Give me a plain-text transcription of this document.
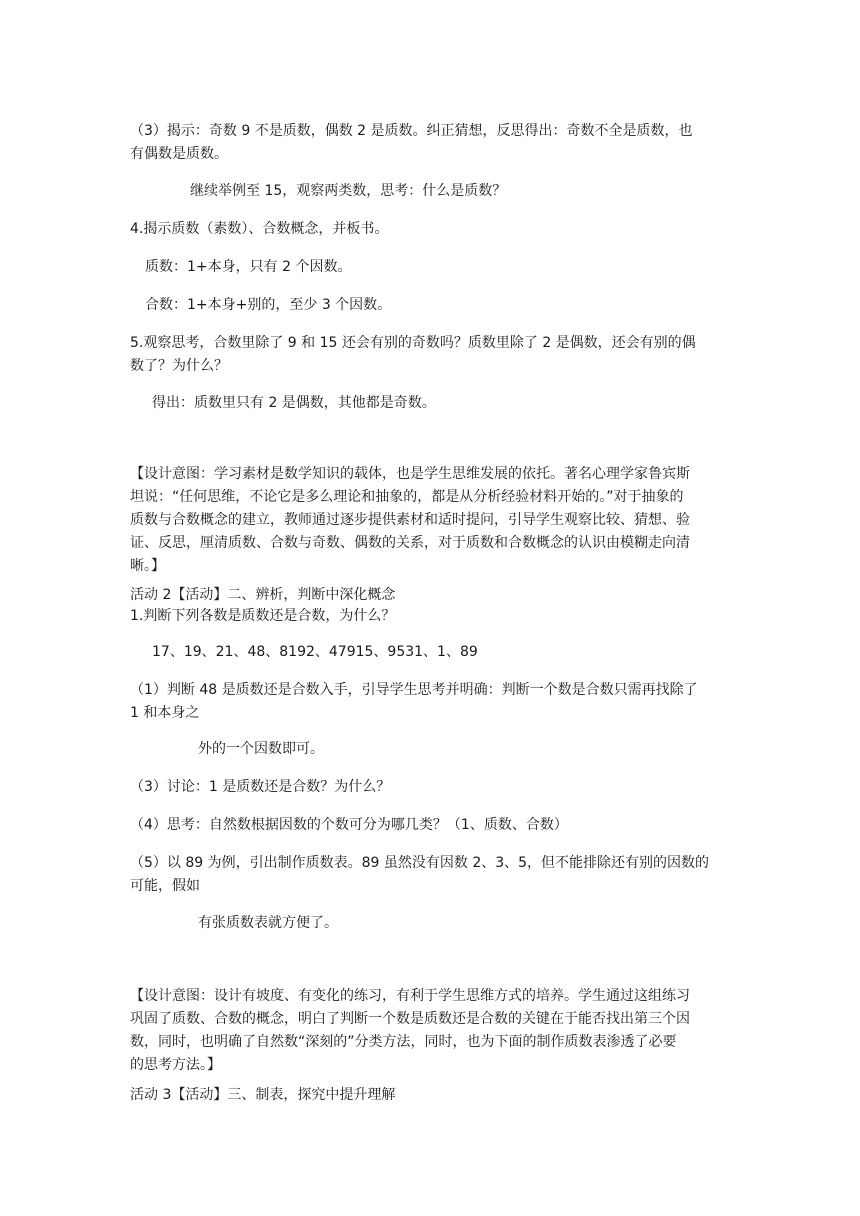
（3）揭示：奇数 9 不是质数，偶数 2 是质数。纠正猜想，反思得出：奇数不全是质数，也
有偶数是质数。
继续举例至 15，观察两类数，思考：什么是质数？
4.揭示质数（素数）、合数概念，并板书。
质数：1+本身，只有 2 个因数。
合数：1+本身+别的，至少 3 个因数。
5.观察思考，合数里除了 9 和 15 还会有别的奇数吗？质数里除了 2 是偶数，还会有别的偶
数了？为什么？
得出：质数里只有 2 是偶数，其他都是奇数。
【设计意图：学习素材是数学知识的载体，也是学生思维发展的依托。著名心理学家鲁宾斯
坦说：“任何思维，不论它是多么理论和抽象的，都是从分析经验材料开始的。”对于抽象的
质数与合数概念的建立，教师通过逐步提供素材和适时提问，引导学生观察比较、猜想、验
证、反思，厘清质数、合数与奇数、偶数的关系，对于质数和合数概念的认识由模糊走向清
晰。】
活动 2【活动】二、辨析，判断中深化概念
1.判断下列各数是质数还是合数，为什么？
17、19、21、48、8192、47915、9531、1、89
（1）判断 48 是质数还是合数入手，引导学生思考并明确：判断一个数是合数只需再找除了
1 和本身之
外的一个因数即可。
（3）讨论：1 是质数还是合数？为什么？
（4）思考：自然数根据因数的个数可分为哪几类？（1、质数、合数）
（5）以 89 为例，引出制作质数表。89 虽然没有因数 2、3、5，但不能排除还有别的因数的
可能，假如
有张质数表就方便了。
【设计意图：设计有坡度、有变化的练习，有利于学生思维方式的培养。学生通过这组练习
巩固了质数、合数的概念，明白了判断一个数是质数还是合数的关键在于能否找出第三个因
数，同时，也明确了自然数“深刻的”分类方法，同时，也为下面的制作质数表渗透了必要
的思考方法。】
活动 3【活动】三、制表，探究中提升理解
